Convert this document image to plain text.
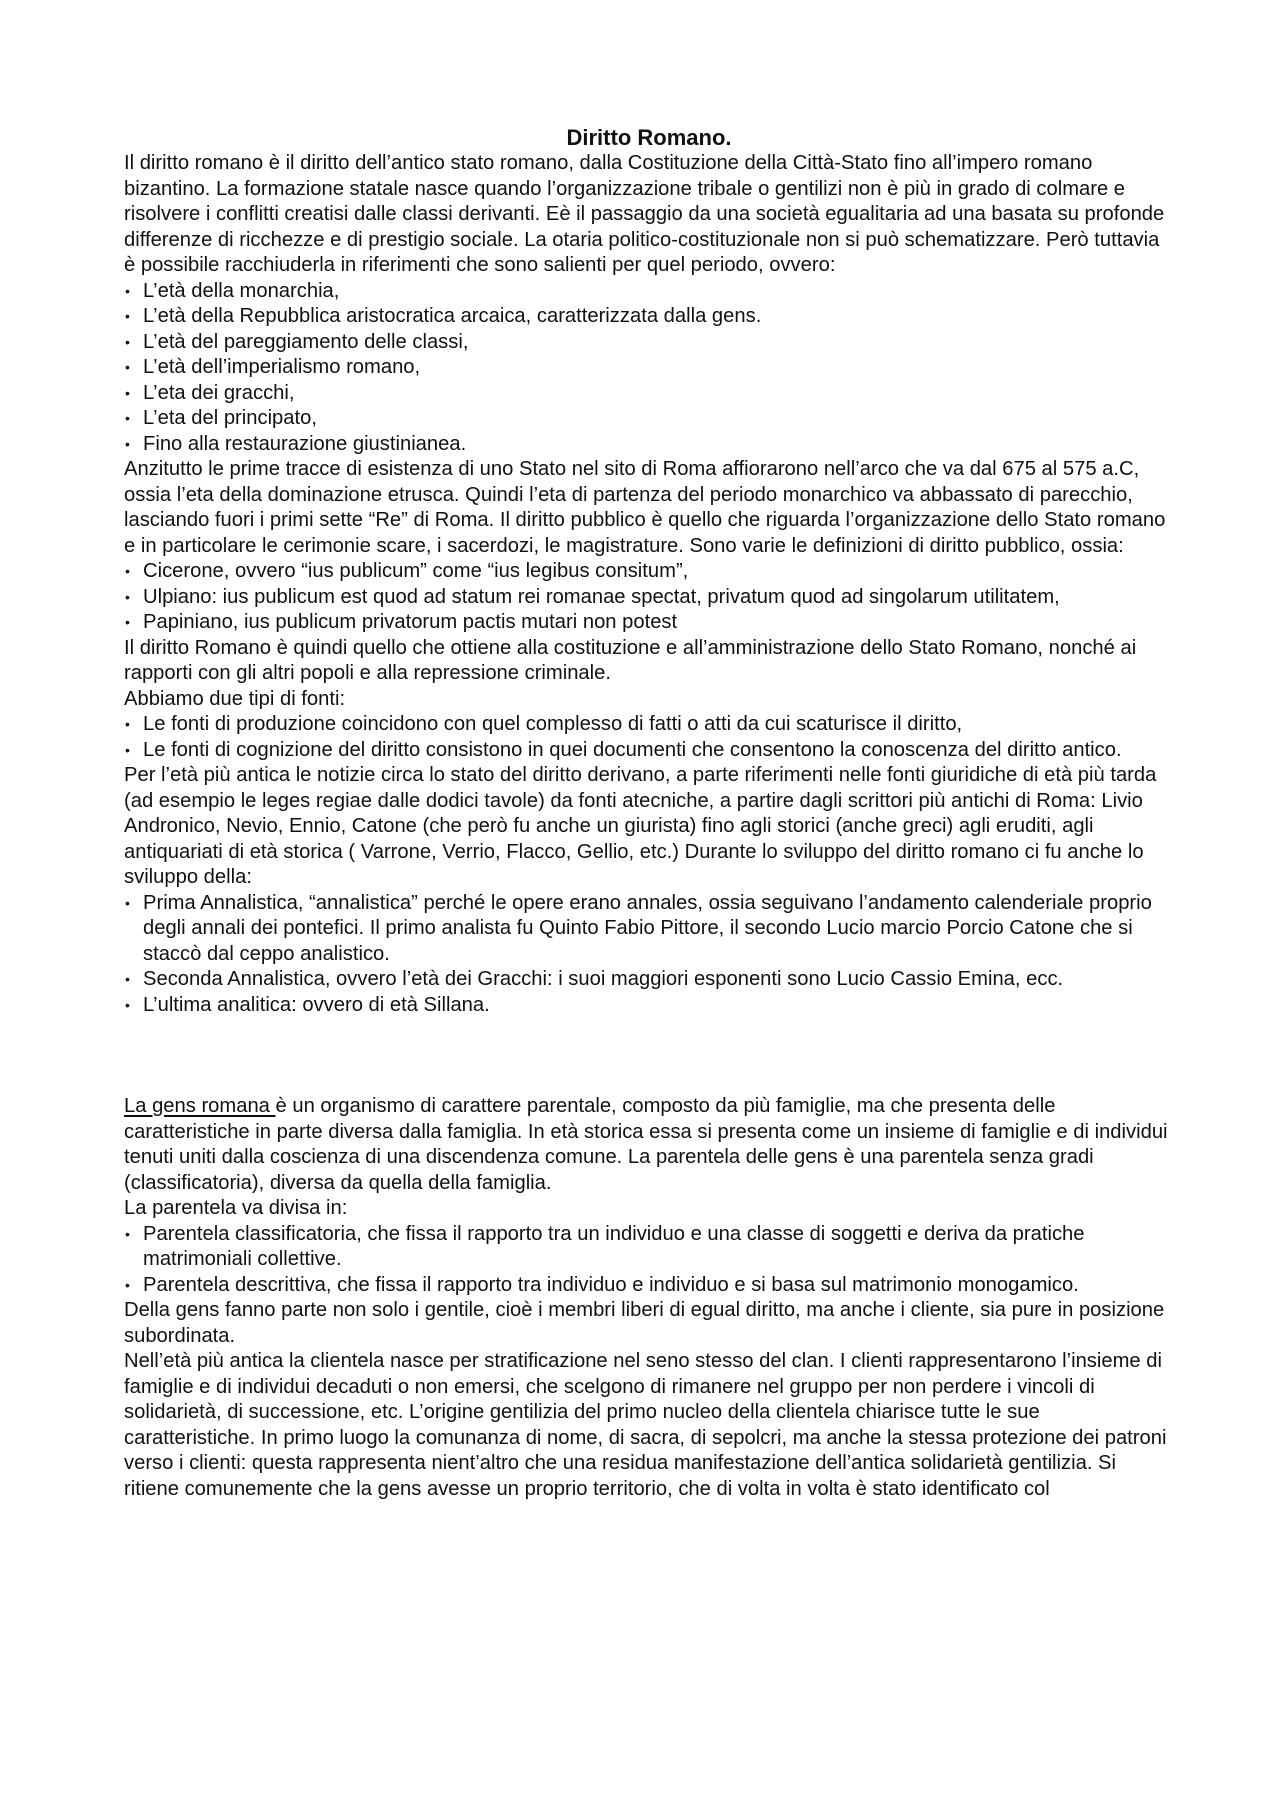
Diritto Romano.

Il diritto romano è il diritto dell’antico stato romano, dalla Costituzione della Città-Stato fino all’impero romano bizantino. La formazione statale nasce quando l’organizzazione tribale o gentilizi non è più in grado di colmare e risolvere i conflitti creatisi dalle classi derivanti. Eè il passaggio da una società egualitaria ad una basata su profonde differenze di ricchezze e di prestigio sociale. La otaria politico-costituzionale non si può schematizzare. Però tuttavia è possibile racchiuderla in riferimenti che sono salienti per quel periodo, ovvero:

• L’età della monarchia,
• L’età della Repubblica aristocratica arcaica, caratterizzata dalla gens.
• L’età del pareggiamento delle classi,
• L’età dell’imperialismo romano,
• L’eta dei gracchi,
• L’eta del principato,
• Fino alla restaurazione giustinianea.

Anzitutto le prime tracce di esistenza di uno Stato nel sito di Roma affiorarono nell’arco che va dal 675 al 575 a.C, ossia l’eta della dominazione etrusca. Quindi l’eta di partenza del periodo monarchico va abbassato di parecchio, lasciando fuori i primi sette “Re” di Roma. Il diritto pubblico è quello che riguarda l’organizzazione dello Stato romano e in particolare le cerimonie scare, i sacerdozi, le magistrature. Sono varie le definizioni di diritto pubblico, ossia:

• Cicerone, ovvero “ius publicum” come “ius legibus consitum”,
• Ulpiano: ius publicum est quod ad statum rei romanae spectat, privatum quod ad singolarum utilitatem,
• Papiniano, ius publicum privatorum pactis mutari non potest

Il diritto Romano è quindi quello che ottiene alla costituzione e all’amministrazione dello Stato Romano, nonché ai rapporti con gli altri popoli e alla repressione criminale.

Abbiamo due tipi di fonti:

• Le fonti di produzione coincidono con quel complesso di fatti o atti da cui scaturisce il diritto,
• Le fonti di cognizione del diritto consistono in quei documenti che consentono la conoscenza del diritto antico.

Per l’età più antica le notizie circa lo stato del diritto derivano, a parte riferimenti nelle fonti giuridiche di età più tarda (ad esempio le leges regiae dalle dodici tavole) da fonti atecniche, a partire dagli scrittori più antichi di Roma: Livio Andronico, Nevio, Ennio, Catone (che però fu anche un giurista) fino agli storici (anche greci) agli eruditi, agli antiquariati di età storica ( Varrone, Verrio, Flacco, Gellio, etc.) Durante lo sviluppo del diritto romano ci fu anche lo sviluppo della:

• Prima Annalistica, “annalistica” perché le opere erano annales, ossia seguivano l’andamento calenderiale proprio degli annali dei pontefici. Il primo analista fu Quinto Fabio Pittore, il secondo Lucio marcio Porcio Catone che si staccò dal ceppo analistico.
• Seconda Annalistica, ovvero l’età dei Gracchi: i suoi maggiori esponenti sono Lucio Cassio Emina, ecc.
• L’ultima analitica: ovvero di età Sillana.

La gens romana è un organismo di carattere parentale, composto da più famiglie, ma che presenta delle caratteristiche in parte diversa dalla famiglia. In età storica essa si presenta come un insieme di famiglie e di individui tenuti uniti dalla coscienza di una discendenza comune. La parentela delle gens è una parentela senza gradi (classificatoria), diversa da quella della famiglia.

La parentela va divisa in:

• Parentela classificatoria, che fissa il rapporto tra un individuo e una classe di soggetti e deriva da pratiche matrimoniali collettive.
• Parentela descrittiva, che fissa il rapporto tra individuo e individuo e si basa sul matrimonio monogamico.

Della gens fanno parte non solo i gentile, cioè i membri liberi di egual diritto, ma anche i cliente, sia pure in posizione subordinata.

Nell’età più antica la clientela nasce per stratificazione nel seno stesso del clan. I clienti rappresentarono l’insieme di famiglie e di individui decaduti o non emersi, che scelgono di rimanere nel gruppo per non perdere i vincoli di solidarietà, di successione, etc. L’origine gentilizia del primo nucleo della clientela chiarisce tutte le sue caratteristiche. In primo luogo la comunanza di nome, di sacra, di sepolcri, ma anche la stessa protezione dei patroni verso i clienti: questa rappresenta nient’altro che una residua manifestazione dell’antica solidarietà gentilizia. Si ritiene comunemente che la gens avesse un proprio territorio, che di volta in volta è stato identificato col
